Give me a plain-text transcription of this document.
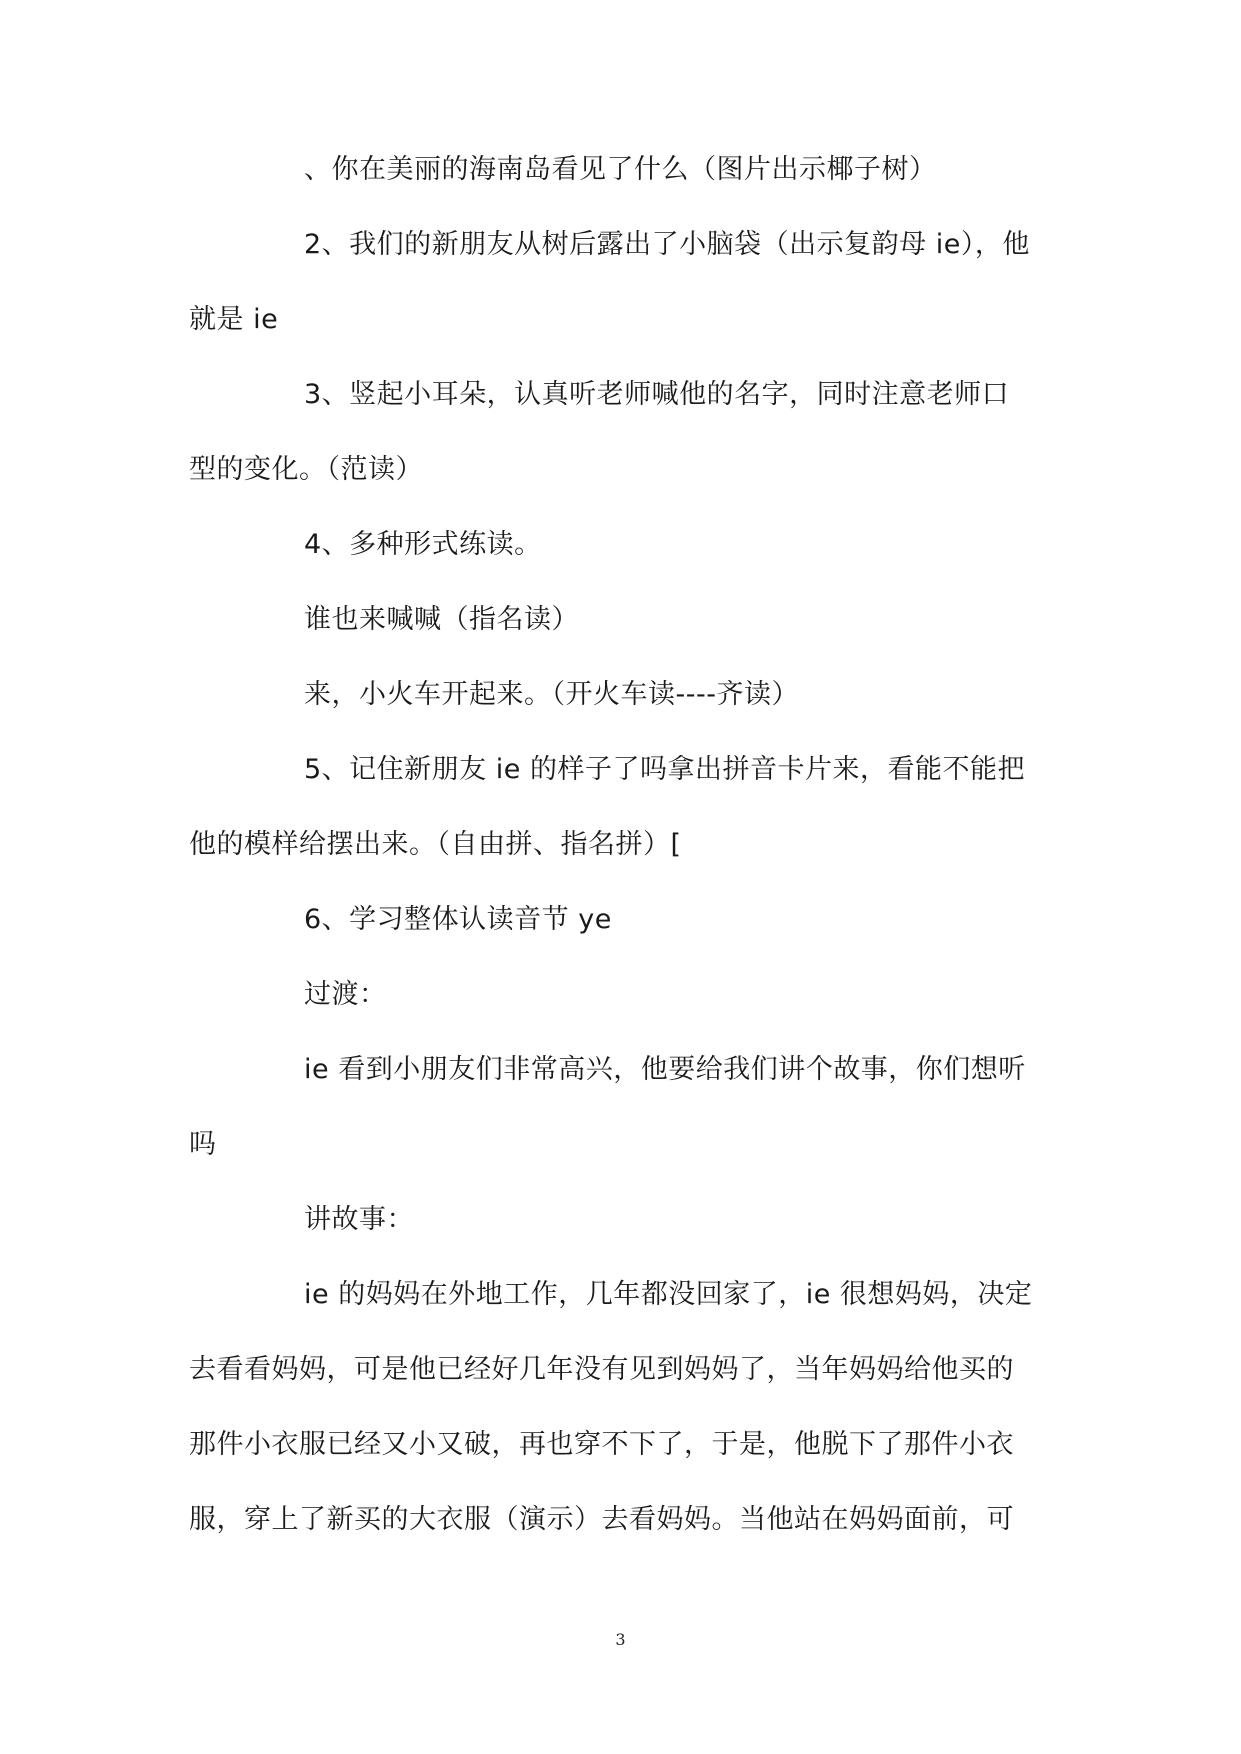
、你在美丽的海南岛看见了什么（图片出示椰子树）
2、我们的新朋友从树后露出了小脑袋（出示复韵母 ie），他
就是 ie
3、竖起小耳朵，认真听老师喊他的名字，同时注意老师口
型的变化。（范读）
4、多种形式练读。
谁也来喊喊（指名读）
来，小火车开起来。（开火车读----齐读）
5、记住新朋友 ie 的样子了吗拿出拼音卡片来，看能不能把
他的模样给摆出来。（自由拼、指名拼）[
6、学习整体认读音节 ye
过渡：
ie 看到小朋友们非常高兴，他要给我们讲个故事，你们想听
吗
讲故事：
ie 的妈妈在外地工作，几年都没回家了，ie 很想妈妈，决定
去看看妈妈，可是他已经好几年没有见到妈妈了，当年妈妈给他买的
那件小衣服已经又小又破，再也穿不下了，于是，他脱下了那件小衣
服，穿上了新买的大衣服（演示）去看妈妈。当他站在妈妈面前，可
3
